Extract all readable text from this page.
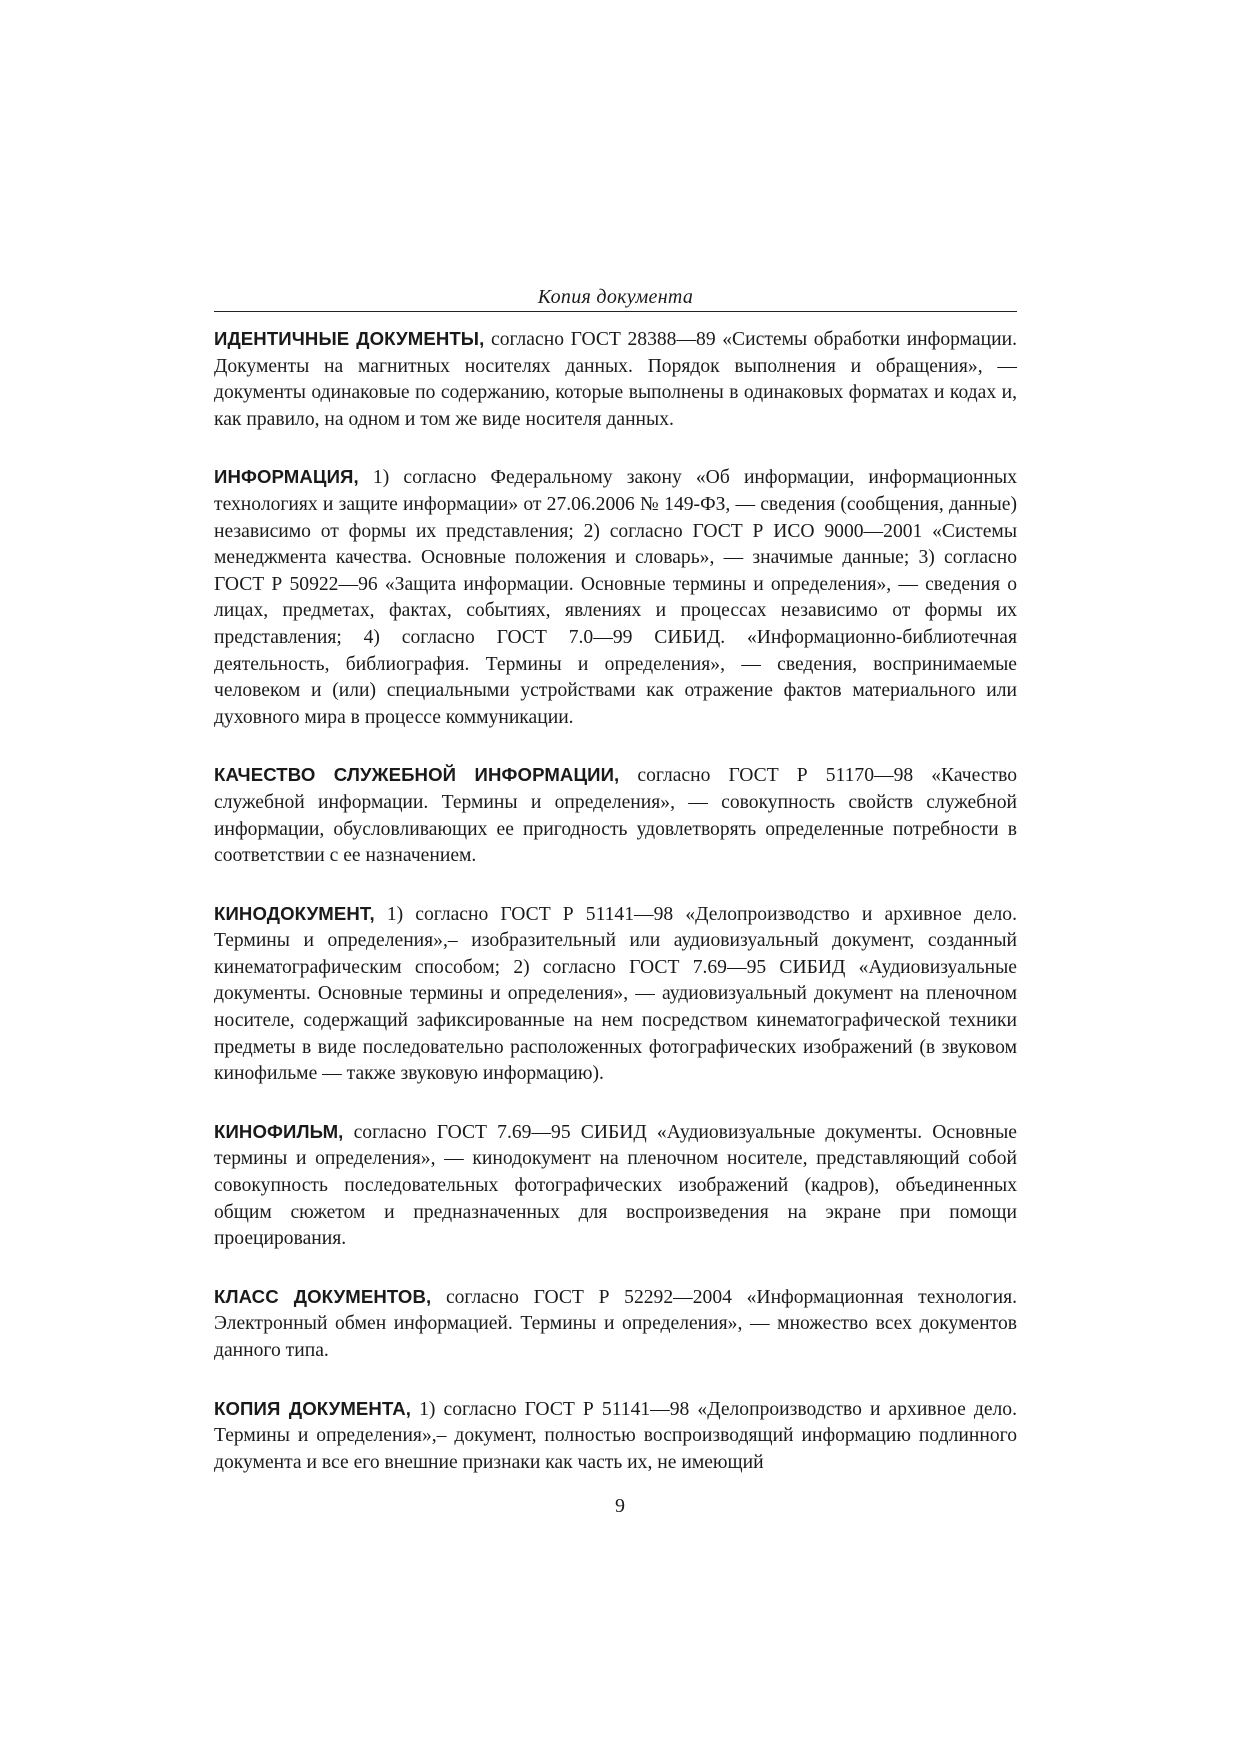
Копия документа

ИДЕНТИЧНЫЕ ДОКУМЕНТЫ, согласно ГОСТ 28388—89 «Системы обработки информации. Документы на магнитных носителях данных. Порядок выполнения и обращения», — документы одинаковые по содержанию, которые выполнены в одинаковых форматах и кодах и, как правило, на одном и том же виде носителя данных.

ИНФОРМАЦИЯ, 1) согласно Федеральному закону «Об информации, информационных технологиях и защите информации» от 27.06.2006 № 149-ФЗ, — сведения (сообщения, данные) независимо от формы их представления; 2) согласно ГОСТ Р ИСО 9000—2001 «Системы менеджмента качества. Основные положения и словарь», — значимые данные; 3) согласно ГОСТ Р 50922—96 «Защита информации. Основные термины и определения», — сведения о лицах, предметах, фактах, событиях, явлениях и процессах независимо от формы их представления; 4) согласно ГОСТ 7.0—99 СИБИД. «Информационно-библиотечная деятельность, библиография. Термины и определения», — сведения, воспринимаемые человеком и (или) специальными устройствами как отражение фактов материального или духовного мира в процессе коммуникации.

КАЧЕСТВО СЛУЖЕБНОЙ ИНФОРМАЦИИ, согласно ГОСТ Р 51170—98 «Качество служебной информации. Термины и определения», — совокупность свойств служебной информации, обусловливающих ее пригодность удовлетворять определенные потребности в соответствии с ее назначением.

КИНОДОКУМЕНТ, 1) согласно ГОСТ Р 51141—98 «Делопроизводство и архивное дело. Термины и определения»,– изобразительный или аудиовизуальный документ, созданный кинематографическим способом; 2) согласно ГОСТ 7.69—95 СИБИД «Аудиовизуальные документы. Основные термины и определения», — аудиовизуальный документ на пленочном носителе, содержащий зафиксированные на нем посредством кинематографической техники предметы в виде последовательно расположенных фотографических изображений (в звуковом кинофильме — также звуковую информацию).

КИНОФИЛЬМ, согласно ГОСТ 7.69—95 СИБИД «Аудиовизуальные документы. Основные термины и определения», — кинодокумент на пленочном носителе, представляющий собой совокупность последовательных фотографических изображений (кадров), объединенных общим сюжетом и предназначенных для воспроизведения на экране при помощи проецирования.

КЛАСС ДОКУМЕНТОВ, согласно ГОСТ Р 52292—2004 «Информационная технология. Электронный обмен информацией. Термины и определения», — множество всех документов данного типа.

КОПИЯ ДОКУМЕНТА, 1) согласно ГОСТ Р 51141—98 «Делопроизводство и архивное дело. Термины и определения»,– документ, полностью воспроизводящий информацию подлинного документа и все его внешние признаки как часть их, не имеющий

9
